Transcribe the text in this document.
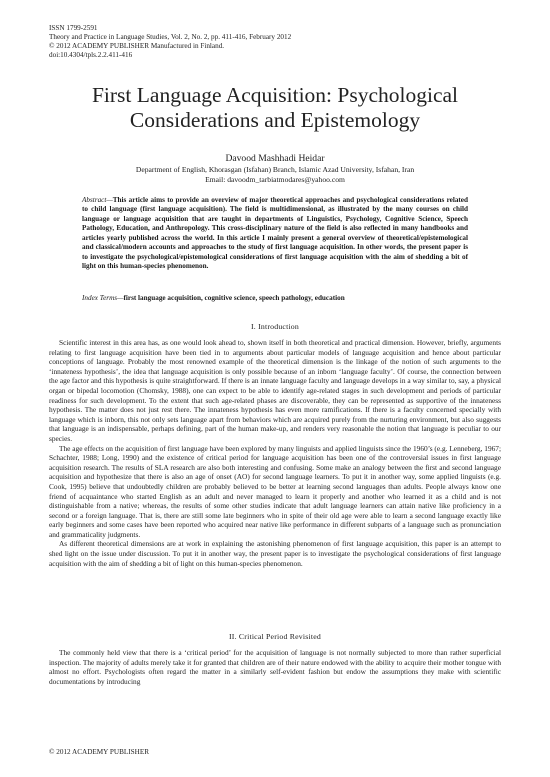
ISSN 1799-2591
Theory and Practice in Language Studies, Vol. 2, No. 2, pp. 411-416, February 2012
© 2012 ACADEMY PUBLISHER Manufactured in Finland.
doi:10.4304/tpls.2.2.411-416
First Language Acquisition: Psychological Considerations and Epistemology
Davood Mashhadi Heidar
Department of English, Khorasgan (Isfahan) Branch, Islamic Azad University, Isfahan, Iran
Email: davoodm_tarbiatmodares@yahoo.com
Abstract—This article aims to provide an overview of major theoretical approaches and psychological considerations related to child language (first language acquisition). The field is multidimensional, as illustrated by the many courses on child language or language acquisition that are taught in departments of Linguistics, Psychology, Cognitive Science, Speech Pathology, Education, and Anthropology. This cross-disciplinary nature of the field is also reflected in many handbooks and articles yearly published across the world. In this article I mainly present a general overview of theoretical/epistemological and classical/modern accounts and approaches to the study of first language acquisition. In other words, the present paper is to investigate the psychological/epistemological considerations of first language acquisition with the aim of shedding a bit of light on this human-species phenomenon.
Index Terms—first language acquisition, cognitive science, speech pathology, education
I. Introduction

Scientific interest in this area has, as one would look ahead to, shown itself in both theoretical and practical dimension. However, briefly, arguments relating to first language acquisition have been tied in to arguments about particular models of language acquisition and hence about particular conceptions of language. Probably the most renowned example of the theoretical dimension is the linkage of the notion of such arguments to the ‘innateness hypothesis’, the idea that language acquisition is only possible because of an inborn ‘language faculty’. Of course, the connection between the age factor and this hypothesis is quite straightforward. If there is an innate language faculty and language develops in a way similar to, say, a physical organ or bipedal locomotion (Chomsky, 1988), one can expect to be able to identify age-related stages in such development and periods of particular readiness for such development. To the extent that such age-related phases are discoverable, they can be represented as supportive of the innateness hypothesis. The matter does not just rest there. The innateness hypothesis has even more ramifications. If there is a faculty concerned specially with language which is inborn, this not only sets language apart from behaviors which are acquired purely from the nurturing environment, but also suggests that language is an indispensable, perhaps defining, part of the human make-up, and renders very reasonable the notion that language is peculiar to our species.

The age effects on the acquisition of first language have been explored by many linguists and applied linguists since the 1960’s (e.g. Lenneberg, 1967; Schachter, 1988; Long, 1990) and the existence of critical period for language acquisition has been one of the controversial issues in first language acquisition research. The results of SLA research are also both interesting and confusing. Some make an analogy between the first and second language acquisition and hypothesize that there is also an age of onset (AO) for second language learners. To put it in another way, some applied linguists (e.g. Cook, 1995) believe that undoubtedly children are probably believed to be better at learning second languages than adults. People always know one friend of acquaintance who started English as an adult and never managed to learn it properly and another who learned it as a child and is not distinguishable from a native; whereas, the results of some other studies indicate that adult language learners can attain native like proficiency in a second or a foreign language. That is, there are still some late beginners who in spite of their old age were able to learn a second language exactly like early beginners and some cases have been reported who acquired near native like performance in different subparts of a language such as pronunciation and grammaticality judgments.

As different theoretical dimensions are at work in explaining the astonishing phenomenon of first language acquisition, this paper is an attempt to shed light on the issue under discussion. To put it in another way, the present paper is to investigate the psychological considerations of first language acquisition with the aim of shedding a bit of light on this human-species phenomenon.

II. Critical Period Revisited

The commonly held view that there is a ‘critical period’ for the acquisition of language is not normally subjected to more than rather superficial inspection. The majority of adults merely take it for granted that children are of their nature endowed with the ability to acquire their mother tongue with almost no effort. Psychologists often regard the matter in a similarly self-evident fashion but endow the assumptions they make with scientific documentations by introducing

© 2012 ACADEMY PUBLISHER
